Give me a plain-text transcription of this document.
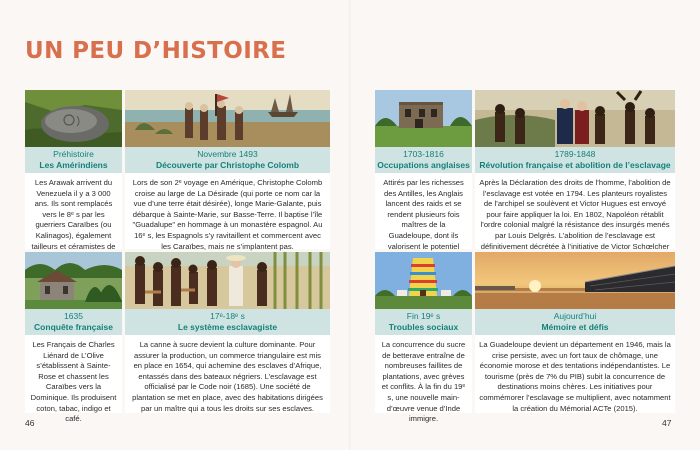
UN PEU D’HISTOIRE
Préhistoire
Les Amérindiens
Les Arawak arrivent du Venezuela il y a 3 000 ans. Ils sont remplacés vers le 8ᵉ s par les guerriers Caraïbes (ou Kalinagos), également tailleurs et céramistes de
Novembre 1493
Découverte par Christophe Colomb
Lors de son 2ᵉ voyage en Amérique, Christophe Colomb croise au large de La Désirade (qui porte ce nom car la vue d’une terre était désirée), longe Marie-Galante, puis débarque à Sainte-Marie, sur Basse-Terre. Il baptise l’île "Guadalupe" en hommage à un monastère espagnol. Au 16ᵉ s, les Espagnols s’y ravitaillent et commercent avec les Caraïbes, mais ne s’implantent pas.
1635
Conquête française
Les Français de Charles Liénard de L’Olive s’établissent à Sainte-Rose et chassent les Caraïbes vers la Dominique. Ils produisent coton, tabac, indigo et café.
17ᵉ-18ᵉ s
Le système esclavagiste
La canne à sucre devient la culture dominante. Pour assurer la production, un commerce triangulaire est mis en place en 1654, qui achemine des esclaves d’Afrique, entassés dans des bateaux négriers. L’esclavage est officialisé par le Code noir (1685). Une société de plantation se met en place, avec des habitations dirigées par un maître qui a tous les droits sur ses esclaves.
46
1703-1816
Occupations anglaises
Attirés par les richesses des Antilles, les Anglais lancent des raids et se rendent plusieurs fois maîtres de la Guadeloupe, dont ils valorisent le potentiel
1789-1848
Révolution française et abolition de l’esclavage
Après la Déclaration des droits de l’homme, l’abolition de l’esclavage est votée en 1794. Les planteurs royalistes de l’archipel se soulèvent et Victor Hugues est envoyé pour faire appliquer la loi. En 1802, Napoléon rétablit l’ordre colonial malgré la résistance des insurgés menés par Louis Delgrès. L’abolition de l’esclavage est définitivement décrétée à l’initiative de Victor Schœlcher
Fin 19ᵉ s
Troubles sociaux
La concurrence du sucre de betterave entraîne de nombreuses faillites de plantations, avec grèves et conflits. À la fin du 19ᵉ s, une nouvelle main-d’œuvre venue d’Inde immigre.
Aujourd’hui
Mémoire et défis
La Guadeloupe devient un département en 1946, mais la crise persiste, avec un fort taux de chômage, une économie morose et des tentations indépendantistes. Le tourisme (près de 7% du PIB) subit la concurrence de destinations moins chères. Les initiatives pour commémorer l’esclavage se multiplient, avec notamment la création du Mémorial ACTe (2015).
47
